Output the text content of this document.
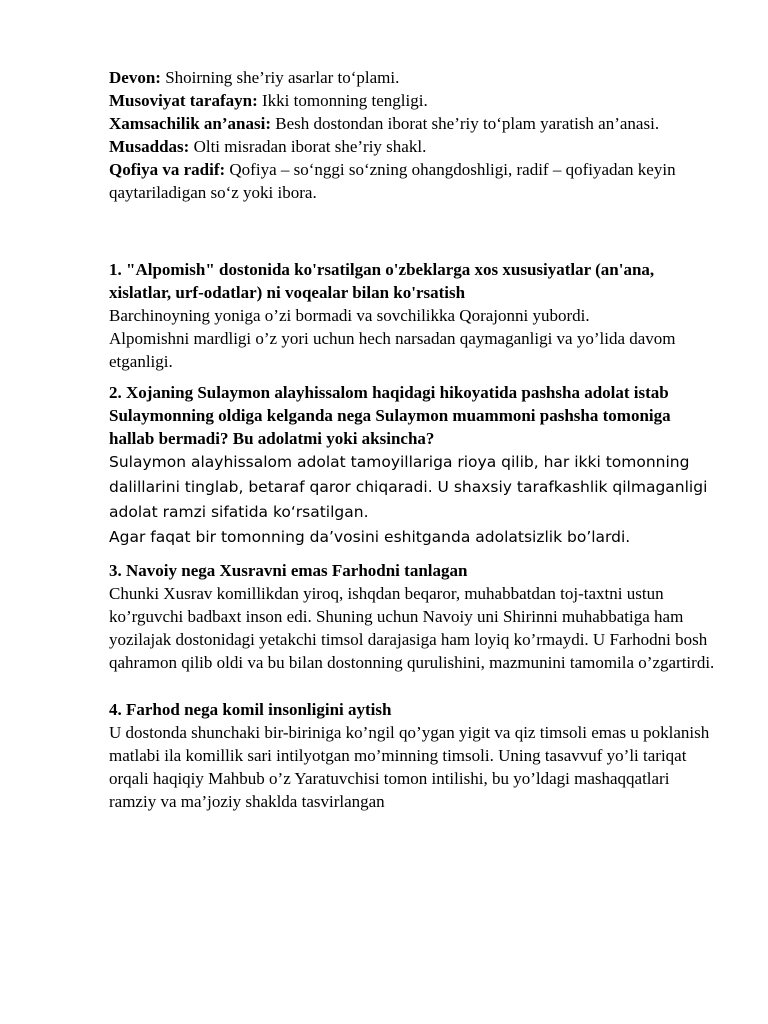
Devon: Shoirning she’riy asarlar to‘plami.

Musoviyat tarafayn: Ikki tomonning tengligi.

Xamsachilik an’anasi: Besh dostondan iborat she’riy to‘plam yaratish an’anasi.

Musaddas: Olti misradan iborat she’riy shakl.

Qofiya va radif: Qofiya – so‘nggi so‘zning ohangdoshligi, radif – qofiyadan keyin qaytariladigan so‘z yoki ibora.

1. "Alpomish" dostonida ko'rsatilgan o'zbeklarga xos xususiyatlar (an'ana, xislatlar, urf-odatlar) ni voqealar bilan ko'rsatish

Barchinoyning yoniga o’zi bormadi va sovchilikka Qorajonni yubordi.

Alpomishni mardligi o’z yori uchun hech narsadan qaymaganligi va yo’lida davom etganligi.

2. Xojaning Sulaymon alayhissalom haqidagi hikoyatida pashsha adolat istab Sulaymonning oldiga kelganda nega Sulaymon muammoni pashsha tomoniga hallab bermadi? Bu adolatmi yoki aksincha?

Sulaymon alayhissalom adolat tamoyillariga rioya qilib, har ikki tomonning dalillarini tinglab, betaraf qaror chiqaradi. U shaxsiy tarafkashlik qilmaganligi adolat ramzi sifatida ko‘rsatilgan.

Agar faqat bir tomonning da’vosini eshitganda adolatsizlik bo’lardi.

3. Navoiy nega Xusravni emas Farhodni tanlagan

Chunki Xusrav komillikdan yiroq, ishqdan beqaror, muhabbatdan toj-taxtni ustun ko’rguvchi badbaxt inson edi. Shuning uchun Navoiy uni Shirinni muhabbatiga ham yozilajak dostonidagi yetakchi timsol darajasiga ham loyiq ko’rmaydi. U Farhodni bosh qahramon qilib oldi va bu bilan dostonning qurulishini, mazmunini tamomila o’zgartirdi.

4. Farhod nega komil insonligini aytish

U dostonda shunchaki bir-biriniga ko’ngil qo’ygan yigit va qiz timsoli emas u poklanish matlabi ila komillik sari intilyotgan mo’minning timsoli. Uning tasavvuf yo’li tariqat orqali haqiqiy Mahbub o’z Yaratuvchisi tomon intilishi, bu yo’ldagi mashaqqatlari ramziy va ma’joziy shaklda tasvirlangan
